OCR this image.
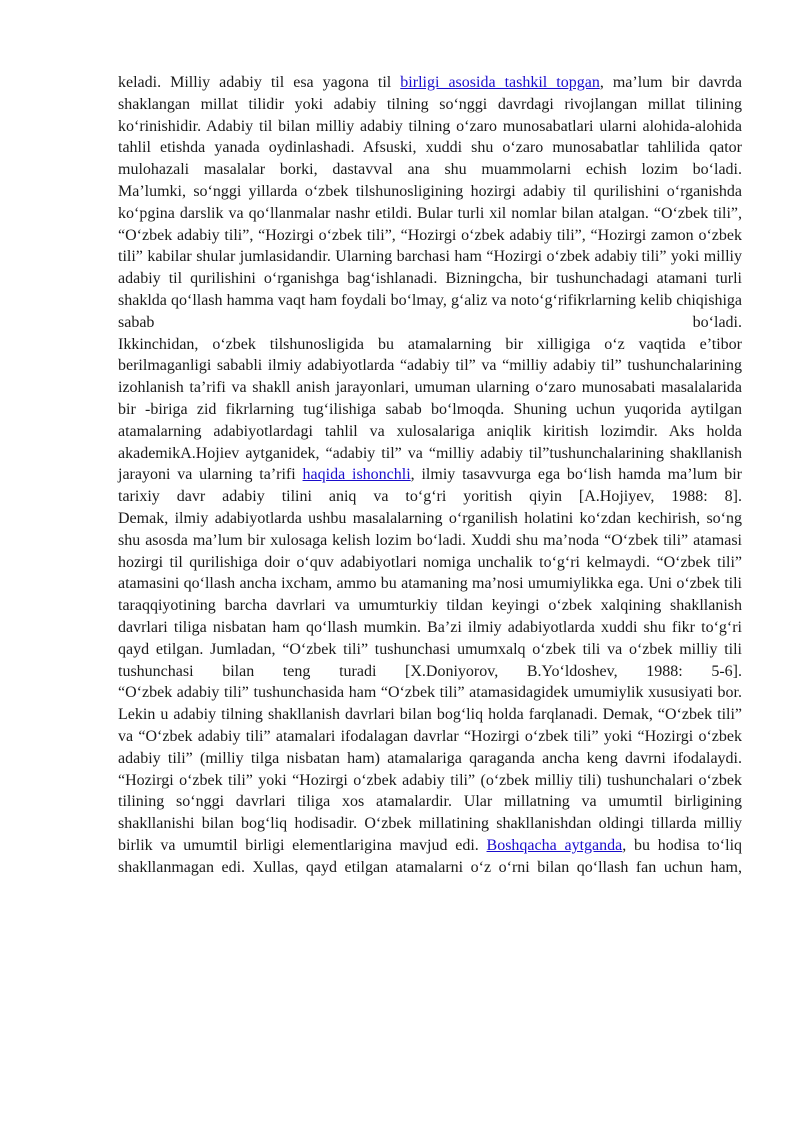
keladi. Milliy adabiy til esa yagona til birligi asosida tashkil topgan, ma’lum bir davrda shaklangan millat tilidir yoki adabiy tilning so‘nggi davrdagi rivojlangan millat tilining ko‘rinishidir. Adabiy til bilan milliy adabiy tilning o‘zaro munosabatlari ularni alohida-alohida tahlil etishda yanada oydinlashadi. Afsuski, xuddi shu o‘zaro munosabatlar tahlilida qator mulohazali masalalar borki, dastavval ana shu muammolarni echish lozim bo‘ladi.

Ma’lumki, so‘nggi yillarda o‘zbek tilshunosligining hozirgi adabiy til qurilishini o‘rganishda ko‘pgina darslik va qo‘llanmalar nashr etildi. Bular turli xil nomlar bilan atalgan. “O‘zbek tili”, “O‘zbek adabiy tili”, “Hozirgi o‘zbek tili”, “Hozirgi o‘zbek adabiy tili”, “Hozirgi zamon o‘zbek tili” kabilar shular jumlasidandir. Ularning barchasi ham “Hozirgi o‘zbek adabiy tili” yoki milliy adabiy til qurilishini o‘rganishga bag‘ishlanadi. Bizningcha, bir tushunchadagi atamani turli shaklda qo‘llash hamma vaqt ham foydali bo‘lmay, g‘aliz va noto‘g‘rifikrlarning kelib chiqishiga sabab bo‘ladi.

Ikkinchidan, o‘zbek tilshunosligida bu atamalarning bir xilligiga o‘z vaqtida e’tibor berilmaganligi sababli ilmiy adabiyotlarda “adabiy til” va “milliy adabiy til” tushunchalarining izohlanish ta’rifi va shakll anish jarayonlari, umuman ularning o‘zaro munosabati masalalarida bir -biriga zid fikrlarning tug‘ilishiga sabab bo‘lmoqda. Shuning uchun yuqorida aytilgan atamalarning adabiyotlardagi tahlil va xulosalariga aniqlik kiritish lozimdir. Aks holda akademikA.Hojiev aytganidek, “adabiy til” va “milliy adabiy til”tushunchalarining shakllanish jarayoni va ularning ta’rifi haqida ishonchli, ilmiy tasavvurga ega bo‘lish hamda ma’lum bir tarixiy davr adabiy tilini aniq va to‘g‘ri yoritish qiyin [A.Hojiyev, 1988: 8].

Demak, ilmiy adabiyotlarda ushbu masalalarning o‘rganilish holatini ko‘zdan kechirish, so‘ng shu asosda ma’lum bir xulosaga kelish lozim bo‘ladi. Xuddi shu ma’noda “O‘zbek tili” atamasi hozirgi til qurilishiga doir o‘quv adabiyotlari nomiga unchalik to‘g‘ri kelmaydi. “O‘zbek tili” atamasini qo‘llash ancha ixcham, ammo bu atamaning ma’nosi umumiylikka ega. Uni o‘zbek tili taraqqiyotining barcha davrlari va umumturkiy tildan keyingi o‘zbek xalqining shakllanish davrlari tiliga nisbatan ham qo‘llash mumkin. Ba’zi ilmiy adabiyotlarda xuddi shu fikr to‘g‘ri qayd etilgan. Jumladan, “O‘zbek tili” tushunchasi umumxalq o‘zbek tili va o‘zbek milliy tili tushunchasi bilan teng turadi [X.Doniyorov, B.Yo‘ldoshev, 1988: 5-6].

“O‘zbek adabiy tili” tushunchasida ham “O‘zbek tili” atamasidagidek umumiylik xususiyati bor. Lekin u adabiy tilning shakllanish davrlari bilan bog‘liq holda farqlanadi. Demak, “O‘zbek tili” va “O‘zbek adabiy tili” atamalari ifodalagan davrlar “Hozirgi o‘zbek tili” yoki “Hozirgi o‘zbek adabiy tili” (milliy tilga nisbatan ham) atamalariga qaraganda ancha keng davrni ifodalaydi.

“Hozirgi o‘zbek tili” yoki “Hozirgi o‘zbek adabiy tili” (o‘zbek milliy tili) tushunchalari o‘zbek tilining so‘nggi davrlari tiliga xos atamalardir. Ular millatning va umumtil birligining shakllanishi bilan bog‘liq hodisadir. O‘zbek millatining shakllanishdan oldingi tillarda milliy birlik va umumtil birligi elementlarigina mavjud edi. Boshqacha aytganda, bu hodisa to‘liq shakllanmagan edi. Xullas, qayd etilgan atamalarni o‘z o‘rni bilan qo‘llash fan uchun ham,
